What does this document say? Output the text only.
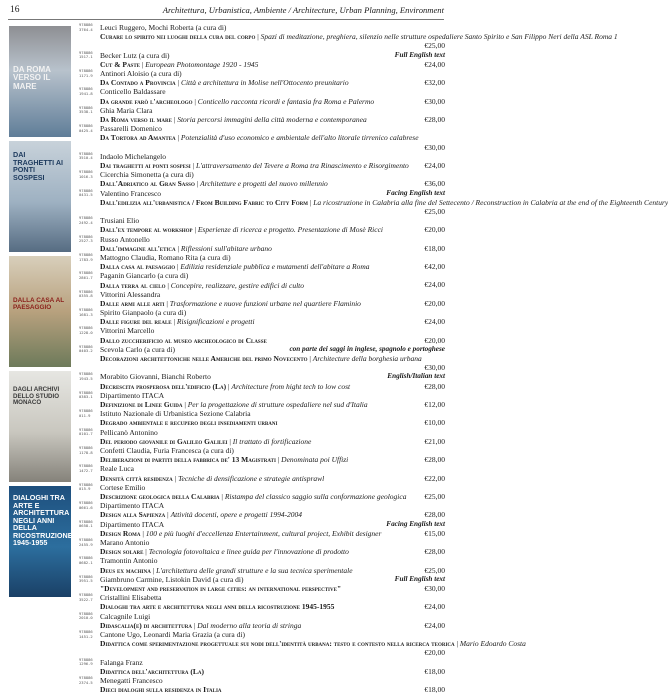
16	Architettura, Urbanistica, Ambiente / Architecture, Urban Planning, Environment
DA ROMA VERSO IL MARE
DAI TRAGHETTI AI PONTI SOSPESI
DALLA CASA AL PAESAGGIO
DAGLI ARCHIVI DELLO STUDIO MONACO
DIALOGHI TRA ARTE E ARCHITETTURA NEGLI ANNI DELLA RICOSTRUZIONE 1945-1955
978886
3764-4 Leuci Ruggero, Mochi Roberta (a cura di)
Curare lo spirito nei luoghi della cura del corpo | Spazi di meditazione, preghiera, silenzio nelle strutture ospedaliere Santo Spirito e San Filippo Neri della ASL Roma 1
€25,00
978886
1517-1 Becker Lutz (a cura di)	Full English text
Cut & Paste | European Photomontage 1920 - 1945	€24,00
978886
1171-9 Antinori Aloisio (a cura di)
Da Contado a Provincia | Città e architettura in Molise nell'Ottocento preunitario	€32,00
978886
1941-8 Conticello Baldassare
Da grande farò l'archeologo | Conticello racconta ricordi e fantasia fra Roma e Palermo	€30,00
978886
3538-1 Ghia Maria Clara
Da Roma verso il mare | Storia percorsi immagini della città moderna e contemporanea	€28,00
978886
0425-4 Passarelli Domenico
Da Tortora ad Amantea | Potenzialità d'uso economico e ambientale dell'alto litorale tirrenico calabrese
€30,00
978886
3510-4 Indaolo Michelangelo
Dai traghetti ai ponti sospesi | L'attraversamento del Tevere a Roma tra Rinascimento e Risorgimento	€24,00
978886
1016-3 Cicerchia Simonetta (a cura di)
Dall'Adriatico al Gran Sasso | Architetture e progetti del nuovo millennio	€36,00
978886
0431-5 Valentino Francesco	Facing English text
Dall'edilizia all'urbanistica / From Building Fabric to City Form | La ricostruzione in Calabria alla fine del Settecento / Reconstruction in Calabria at the end of the Eighteenth Century
€25,00
978886
2492-4 Trusiani Elio
Dall'ex tempore al workshop | Esperienze di ricerca e progetto. Presentazione di Mosè Ricci	€20,00
978886
2527-3 Russo Antonello
Dall'immagine all'etica | Riflessioni sull'abitare urbano	€18,00
978886
1783-9 Mattogno Claudia, Romano Rita (a cura di)
Dalla casa al paesaggio | Edilizia residenziale pubblica e mutamenti dell'abitare a Roma	€42,00
978886
2861-7 Paganin Giancarlo (a cura di)
Dalla terra al cielo | Concepire, realizzare, gestire edifici di culto	€24,00
978886
0355-8 Vittorini Alessandra
Dalle armi alle arti | Trasformazione e nuove funzioni urbane nel quartiere Flaminio	€20,00
978886
1681-3 Spirito Gianpaolo (a cura di)
Dalle figure del reale | Risignificazioni e progetti	€24,00
978886
1228-0 Vittorini Marcello
Dallo zuccherificio al museo archeologico di Classe	€20,00
978886
0403-2 Scevola Carlo (a cura di)	con parte dei saggi in inglese, spagnolo e portoghese
Decorazioni architettoniche nelle Americhe del primo Novecento | Architecture della borghesia urbana
€30,00
978886
1943-5 Morabito Giovanni, Bianchi Roberto	English/Italian text
Decrescita prosperosa dell'edificio (La) | Architecture from hight tech to low cost	€28,00
978886
0383-1 Dipartimento ITACA
Definizione di Linee Guida | Per la progettazione di strutture ospedaliere nel sud d'Italia	€12,00
978886
011-9	Istituto Nazionale di Urbanistica Sezione Calabria
Degrado ambientale e recupero degli insediamenti urbani	€10,00
978886
0101-7 Pellicanò Antonino
Del periodo giovanile di Galileo Galilei | Il trattato di fortificazione	€21,00
978886
1178-8 Confetti Claudia, Furia Francesca (a cura di)
Deliberazioni di partiti della fabbrica de' 13 Magistrati | Denominata poi Uffizi	€28,00
978886
1472-7 Reale Luca
Densità città residenza | Tecniche di densificazione e strategie antisprawl	€22,00
978886
015-9	Cortese Emilio
Descrizione geologica della Calabria | Ristampa del classico saggio sulla conformazione geologica	€25,00
978886
0661-6 Dipartimento ITACA
Design alla Sapienza | Attività docenti, opere e progetti 1994-2004	€28,00
978886
0658-1 Dipartimento ITACA	Facing English text
Design Roma | 100 e più luoghi d'eccellenza Entertainment, cultural project, Exhibit designer	€15,00
978886
2455-9 Marano Antonio
Design solare | Tecnologia fotovoltaica e linee guida per l'innovazione di prodotto	€28,00
978886
0682-1 Tramontin Antonio
Deus ex machina | L'architettura delle grandi strutture e la sua tecnica sperimentale	€25,00
978886
3951-5 Giambruno Carmine, Listokin David (a cura di)	Full English text
"Development and preservation in large cities: an international perspective"	€30,00
978886
3522-7 Cristallini Elisabetta
Dialoghi tra arte e architettura negli anni della ricostruzione 1945-1955	€24,00
978886
2010-0 Calcagnile Luigi
Didascalia(e) di architettura | Dal moderno alla teoria di stringa	€24,00
978886
1451-2 Cantone Ugo, Leonardi Maria Grazia (a cura di)
Didattica come sperimentazione progettuale sui nodi dell'identità urbana: testo e contesto nella ricerca teorica | Mario Edoardo Costa
€20,00
978886
1296-9 Falanga Franz
Didattica dell'architettura (La)	€18,00
978886
2374-5 Menegatti Francesco
Dieci dialoghi sulla residenza in Italia	€18,00
